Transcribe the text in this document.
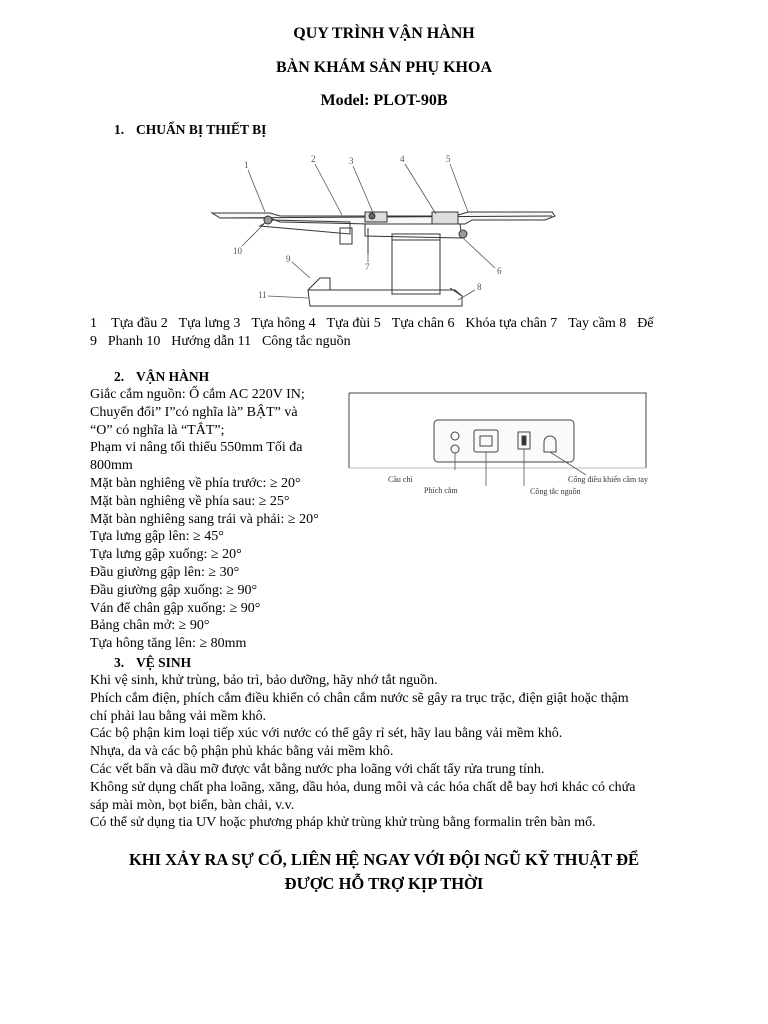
QUY TRÌNH VẬN HÀNH
BÀN KHÁM SẢN PHỤ KHOA
Model: PLOT-90B
1. CHUẨN BỊ THIẾT BỊ
1
2	3	4	5
6
7
8
9
10
11
1  Tựa đầu 2 Tựa lưng 3 Tựa hông 4 Tựa đùi 5 Tựa chân 6 Khóa tựa chân 7 Tay cầm 8 Đế
9 Phanh 10 Hướng dẫn 11 Công tắc nguồn
2. VẬN HÀNH
Giắc cắm nguồn: Ổ cắm AC 220V IN;
Chuyển đổi” I”có nghĩa là” BẬT” và
“O” có nghĩa là “TẮT”;
Phạm vi nâng tối thiểu 550mm Tối đa
800mm
Mặt bàn nghiêng về phía trước: ≥ 20°
Mặt bàn nghiêng về phía sau: ≥ 25°
Mặt bàn nghiêng sang trái và phải: ≥ 20°
Tựa lưng gập lên: ≥ 45°
Tựa lưng gập xuống: ≥ 20°
Đầu giường gập lên: ≥ 30°
Đầu giường gập xuống: ≥ 90°
Ván để chân gập xuống: ≥ 90°
Bảng chân mở: ≥ 90°
Tựa hông tăng lên: ≥ 80mm
Cầu chì
Phích cắm	Công tắc nguồn
Cổng điều khiển cầm tay
3. VỆ SINH
Khi vệ sinh, khử trùng, bảo trì, bảo dưỡng, hãy nhớ tắt nguồn.
Phích cắm điện, phích cắm điều khiển có chân cắm nước sẽ gây ra trục trặc, điện giật hoặc thậm
chí phải lau bằng vải mềm khô.
Các bộ phận kim loại tiếp xúc với nước có thể gây rỉ sét, hãy lau bằng vải mềm khô.
Nhựa, da và các bộ phận phủ khác bằng vải mềm khô.
Các vết bẩn và dầu mỡ được vắt bằng nước pha loãng với chất tẩy rửa trung tính.
Không sử dụng chất pha loãng, xăng, dầu hỏa, dung môi và các hóa chất dễ bay hơi khác có chứa
sáp mài mòn, bọt biển, bàn chải, v.v.
Có thể sử dụng tia UV hoặc phương pháp khử trùng khử trùng bằng formalin trên bàn mổ.
KHI XẢY RA SỰ CỐ, LIÊN HỆ NGAY VỚI ĐỘI NGŨ KỸ THUẬT ĐỂ
ĐƯỢC HỖ TRỢ KỊP THỜI
